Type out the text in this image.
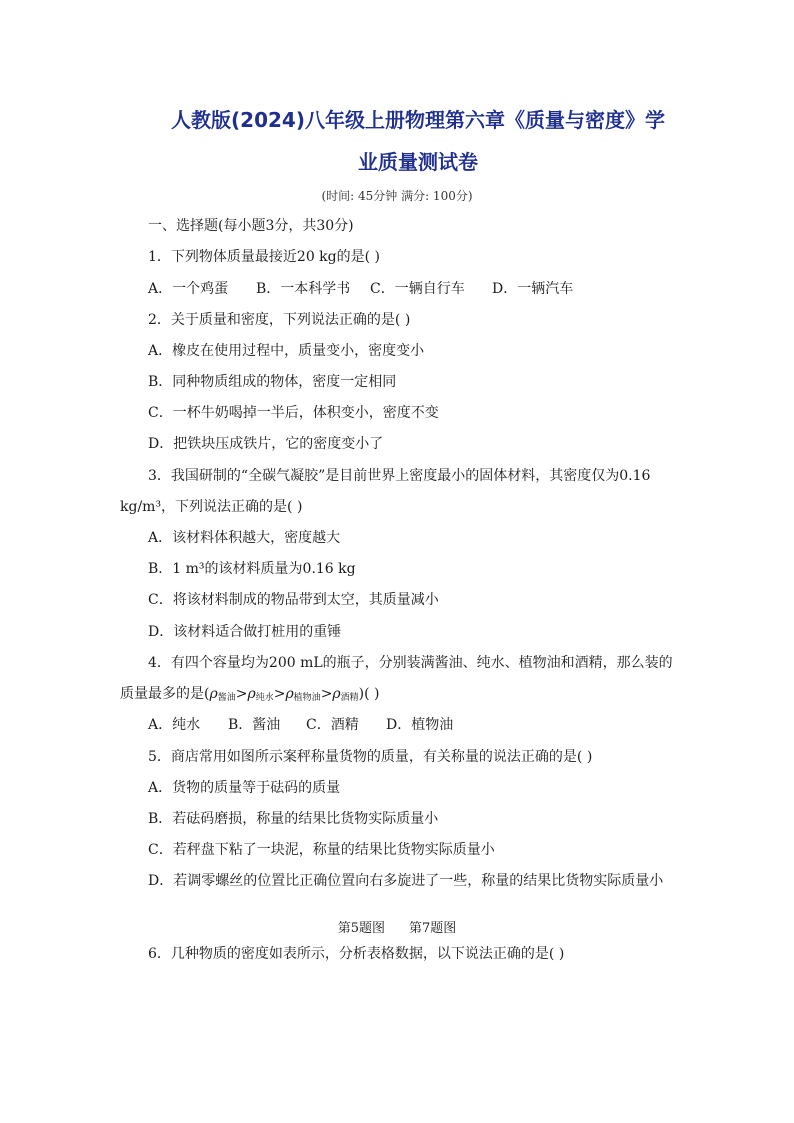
人教版(2024)八年级上册物理第六章《质量与密度》学
业质量测试卷
(时间: 45分钟 满分: 100分)
一、选择题(每小题3分，共30分)
1．下列物体质量最接近20 kg的是( )
A．一个鸡蛋 B．一本科学书 C．一辆自行车 D．一辆汽车
2．关于质量和密度，下列说法正确的是( )
A．橡皮在使用过程中，质量变小，密度变小
B．同种物质组成的物体，密度一定相同
C．一杯牛奶喝掉一半后，体积变小，密度不变
D．把铁块压成铁片，它的密度变小了
3．我国研制的“全碳气凝胶”是目前世界上密度最小的固体材料，其密度仅为0.16
kg/m³，下列说法正确的是( )
A．该材料体积越大，密度越大
B．1 m³的该材料质量为0.16 kg
C．将该材料制成的物品带到太空，其质量减小
D．该材料适合做打桩用的重锤
4．有四个容量均为200 mL的瓶子，分别装满酱油、纯水、植物油和酒精，那么装的
质量最多的是$(\rho_{酱油}>\rho_{纯水}>\rho_{植物油}>\rho_{酒精})$( )
A．纯水 B．酱油 C．酒精 D．植物油
5．商店常用如图所示案秤称量货物的质量，有关称量的说法正确的是( )
A．货物的质量等于砝码的质量
B．若砝码磨损，称量的结果比货物实际质量小
C．若秤盘下粘了一块泥，称量的结果比货物实际质量小
D．若调零螺丝的位置比正确位置向右多旋进了一些，称量的结果比货物实际质量小
第5题图 第7题图
6．几种物质的密度如表所示，分析表格数据，以下说法正确的是( )
